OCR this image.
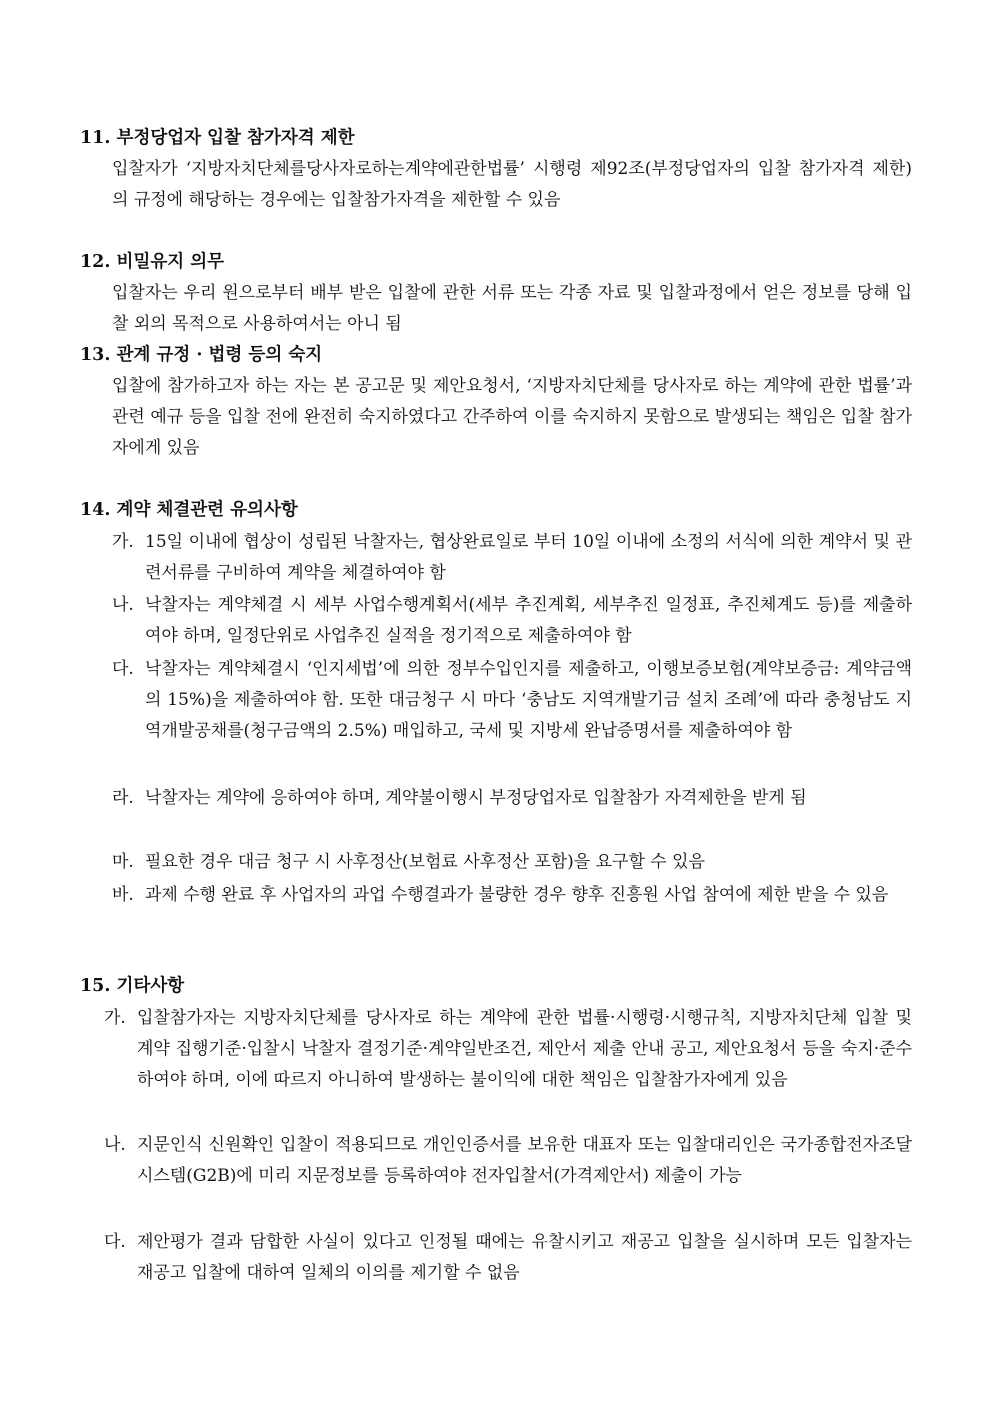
11. 부정당업자 입찰 참가자격 제한

입찰자가 ‘지방자치단체를당사자로하는계약에관한법률’ 시행령 제92조(부정당업자의 입찰 참가자격 제한)의 규정에 해당하는 경우에는 입찰참가자격을 제한할 수 있음

12. 비밀유지 의무

입찰자는 우리 원으로부터 배부 받은 입찰에 관한 서류 또는 각종 자료 및 입찰과정에서 얻은 정보를 당해 입찰 외의 목적으로 사용하여서는 아니 됨

13. 관계 규정 · 법령 등의 숙지

입찰에 참가하고자 하는 자는 본 공고문 및 제안요청서, ‘지방자치단체를 당사자로 하는 계약에 관한 법률’과 관련 예규 등을 입찰 전에 완전히 숙지하였다고 간주하여 이를 숙지하지 못함으로 발생되는 책임은 입찰 참가자에게 있음

14. 계약 체결관련 유의사항
가. 15일 이내에 협상이 성립된 낙찰자는, 협상완료일로 부터 10일 이내에 소정의 서식에 의한 계약서 및 관련서류를 구비하여 계약을 체결하여야 함
나. 낙찰자는 계약체결 시 세부 사업수행계획서(세부 추진계획, 세부추진 일정표, 추진체계도 등)를 제출하여야 하며, 일정단위로 사업추진 실적을 정기적으로 제출하여야 함
다. 낙찰자는 계약체결시 ‘인지세법’에 의한 정부수입인지를 제출하고, 이행보증보험(계약보증금: 계약금액의 15%)을 제출하여야 함. 또한 대금청구 시 마다 ‘충남도 지역개발기금 설치 조례’에 따라 충청남도 지역개발공채를(청구금액의 2.5%) 매입하고, 국세 및 지방세 완납증명서를 제출하여야 함
라. 낙찰자는 계약에 응하여야 하며, 계약불이행시 부정당업자로 입찰참가 자격제한을 받게 됨
마. 필요한 경우 대금 청구 시 사후정산(보험료 사후정산 포함)을 요구할 수 있음
바. 과제 수행 완료 후 사업자의 과업 수행결과가 불량한 경우 향후 진흥원 사업 참여에 제한 받을 수 있음
15. 기타사항
가. 입찰참가자는 지방자치단체를 당사자로 하는 계약에 관한 법률·시행령·시행규칙, 지방자치단체 입찰 및 계약 집행기준·입찰시 낙찰자 결정기준·계약일반조건, 제안서 제출 안내 공고, 제안요청서 등을 숙지·준수하여야 하며, 이에 따르지 아니하여 발생하는 불이익에 대한 책임은 입찰참가자에게 있음
나. 지문인식 신원확인 입찰이 적용되므로 개인인증서를 보유한 대표자 또는 입찰대리인은 국가종합전자조달시스템(G2B)에 미리 지문정보를 등록하여야 전자입찰서(가격제안서) 제출이 가능
다. 제안평가 결과 담합한 사실이 있다고 인정될 때에는 유찰시키고 재공고 입찰을 실시하며 모든 입찰자는 재공고 입찰에 대하여 일체의 이의를 제기할 수 없음
